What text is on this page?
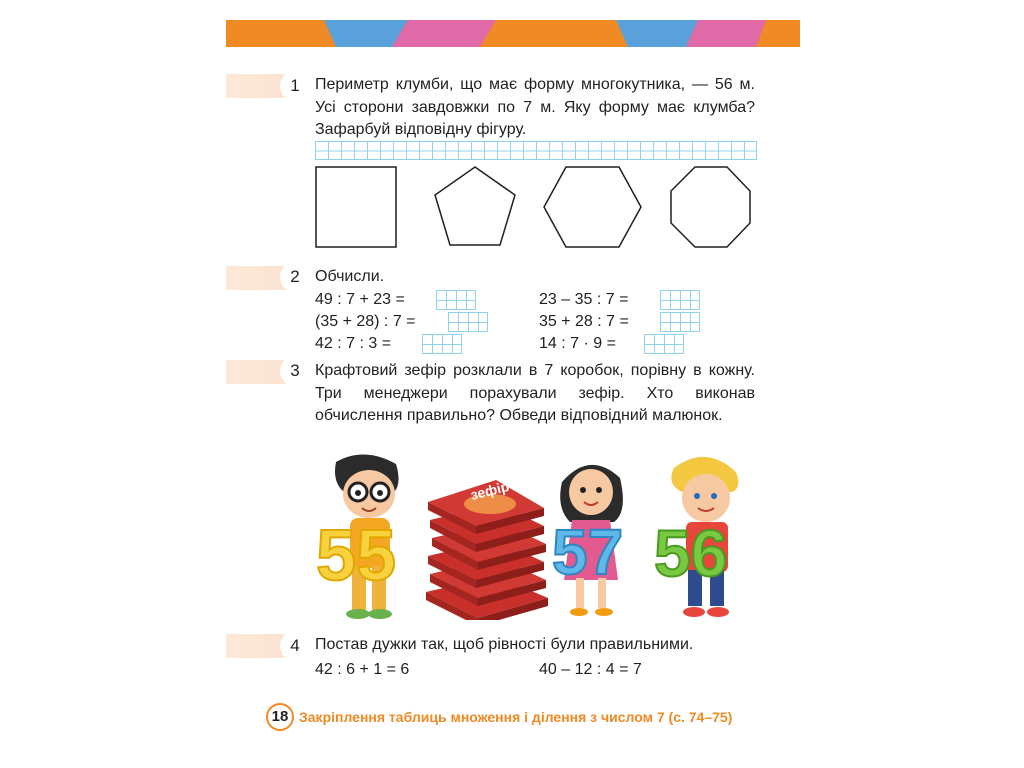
1 Периметр клумби, що має форму многокутника, — 56 м. Усі сторони завдовжки по 7 м. Яку форму має клумба? Зафарбуй відповідну фігуру.
2 Обчисли.
49 : 7 + 23 =
(35 + 28) : 7 =
42 : 7 : 3 =
23 – 35 : 7 =
35 + 28 : 7 =
14 : 7 · 9 =
3 Крафтовий зефір розклали в 7 коробок, порівну в кожну. Три менеджери порахували зефір. Хто виконав обчислення правильно? Обведи відповідний малюнок.
55
зефір
57 56
4 Постав дужки так, щоб рівності були правильними.
42 : 6 + 1 = 6	40 – 12 : 4 = 7
18 Закріплення таблиць множення і ділення з числом 7 (с. 74–75)
